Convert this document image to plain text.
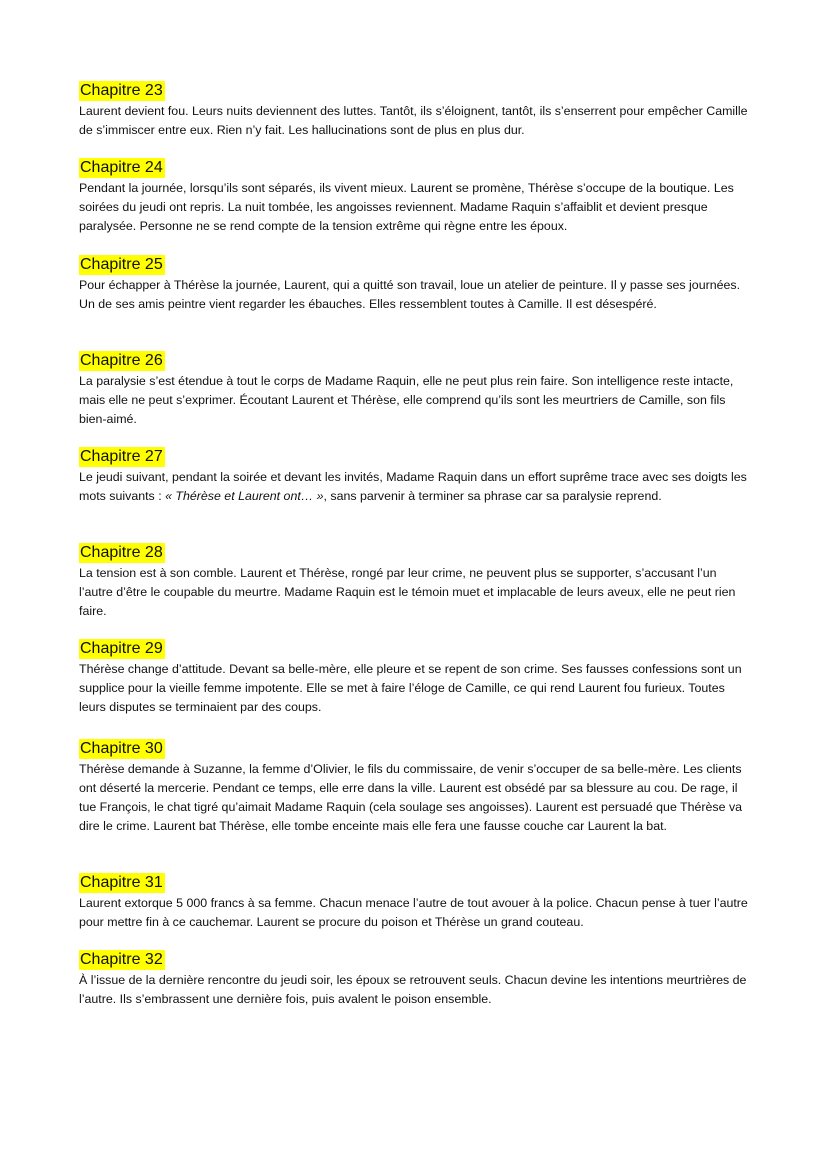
Chapitre 23

Laurent devient fou. Leurs nuits deviennent des luttes. Tantôt, ils s’éloignent, tantôt, ils s’enserrent pour empêcher Camille de s’immiscer entre eux. Rien n’y fait. Les hallucinations sont de plus en plus dur.

Chapitre 24

Pendant la journée, lorsqu’ils sont séparés, ils vivent mieux. Laurent se promène, Thérèse s’occupe de la boutique. Les soirées du jeudi ont repris. La nuit tombée, les angoisses reviennent. Madame Raquin s’affaiblit et devient presque paralysée. Personne ne se rend compte de la tension extrême qui règne entre les époux.

Chapitre 25

Pour échapper à Thérèse la journée, Laurent, qui a quitté son travail, loue un atelier de peinture. Il y passe ses journées. Un de ses amis peintre vient regarder les ébauches. Elles ressemblent toutes à Camille. Il est désespéré.

Chapitre 26

La paralysie s’est étendue à tout le corps de Madame Raquin, elle ne peut plus rein faire. Son intelligence reste intacte, mais elle ne peut s’exprimer. Écoutant Laurent et Thérèse, elle comprend qu’ils sont les meurtriers de Camille, son fils bien-aimé.

Chapitre 27

Le jeudi suivant, pendant la soirée et devant les invités, Madame Raquin dans un effort suprême trace avec ses doigts les mots suivants : « Thérèse et Laurent ont… », sans parvenir à terminer sa phrase car sa paralysie reprend.

Chapitre 28

La tension est à son comble. Laurent et Thérèse, rongé par leur crime, ne peuvent plus se supporter, s’accusant l’un l’autre d’être le coupable du meurtre. Madame Raquin est le témoin muet et implacable de leurs aveux, elle ne peut rien faire.

Chapitre 29

Thérèse change d’attitude. Devant sa belle-mère, elle pleure et se repent de son crime. Ses fausses confessions sont un supplice pour la vieille femme impotente. Elle se met à faire l’éloge de Camille, ce qui rend Laurent fou furieux. Toutes leurs disputes se terminaient par des coups.

Chapitre 30

Thérèse demande à Suzanne, la femme d’Olivier, le fils du commissaire, de venir s’occuper de sa belle-mère. Les clients ont déserté la mercerie. Pendant ce temps, elle erre dans la ville. Laurent est obsédé par sa blessure au cou. De rage, il tue François, le chat tigré qu’aimait Madame Raquin (cela soulage ses angoisses). Laurent est persuadé que Thérèse va dire le crime. Laurent bat Thérèse, elle tombe enceinte mais elle fera une fausse couche car Laurent la bat.

Chapitre 31

Laurent extorque 5 000 francs à sa femme. Chacun menace l’autre de tout avouer à la police. Chacun pense à tuer l’autre pour mettre fin à ce cauchemar. Laurent se procure du poison et Thérèse un grand couteau.

Chapitre 32

À l’issue de la dernière rencontre du jeudi soir, les époux se retrouvent seuls. Chacun devine les intentions meurtrières de l’autre. Ils s’embrassent une dernière fois, puis avalent le poison ensemble.
